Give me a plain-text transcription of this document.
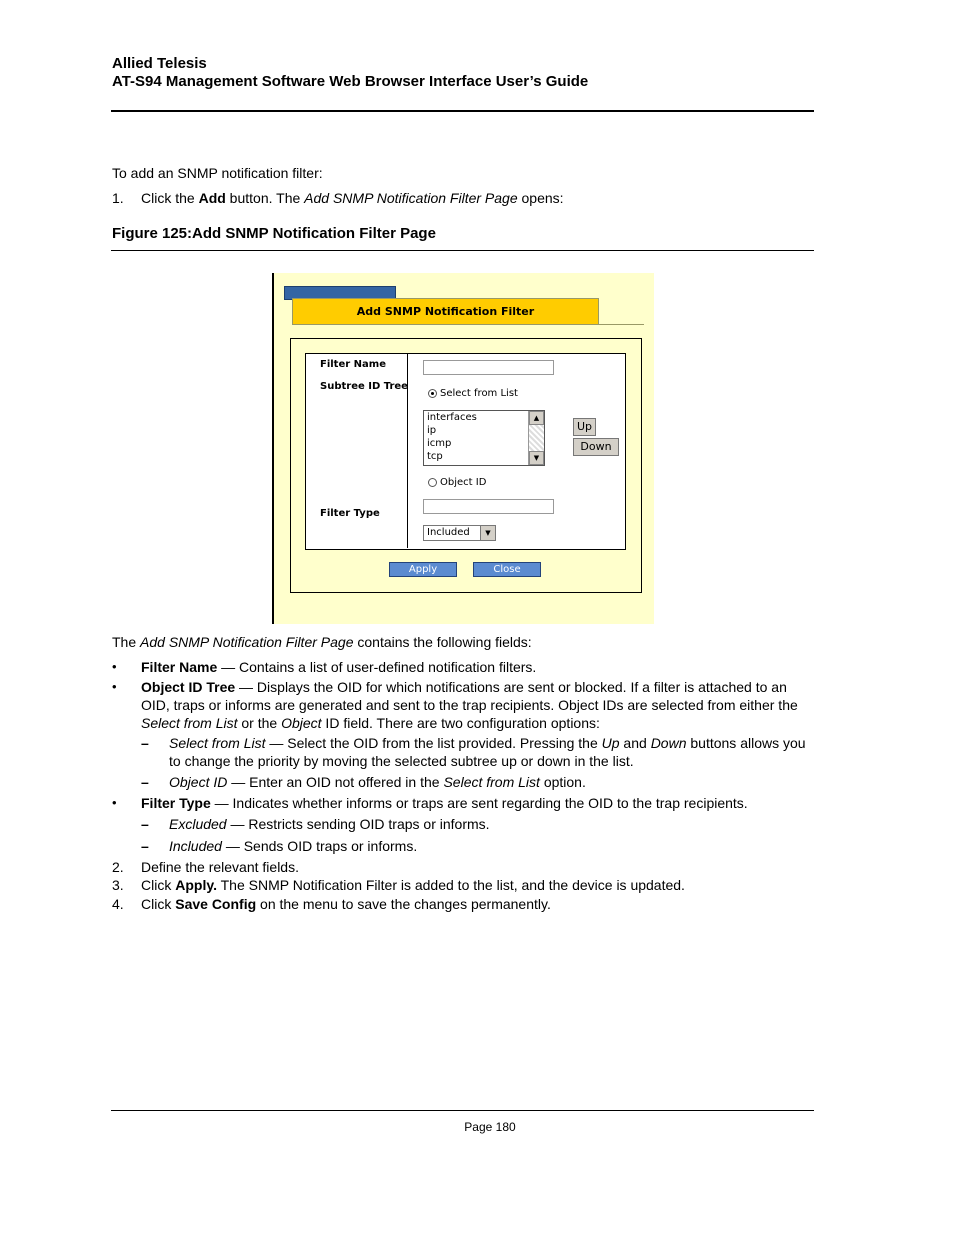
Allied Telesis
AT-S94 Management Software Web Browser Interface User’s Guide
To add an SNMP notification filter:
1. Click the Add button. The Add SNMP Notification Filter Page opens:
Figure 125:Add SNMP Notification Filter Page
Add SNMP Notification Filter
Filter Name
Subtree ID Tree
Filter Type
Select from List
interfaces
ip
icmp
tcp
▲
▼
Up
Down
Object ID
Included	▼
Apply	Close
The Add SNMP Notification Filter Page contains the following fields:
• Filter Name — Contains a list of user-defined notification filters.
• Object ID Tree — Displays the OID for which notifications are sent or blocked. If a filter is attached to an OID, traps or informs are generated and sent to the trap recipients. Object IDs are selected from either the Select from List or the Object ID field. There are two configuration options:
– Select from List — Select the OID from the list provided. Pressing the Up and Down buttons allows you to change the priority by moving the selected subtree up or down in the list.
– Object ID — Enter an OID not offered in the Select from List option.
• Filter Type — Indicates whether informs or traps are sent regarding the OID to the trap recipients.
– Excluded — Restricts sending OID traps or informs.
– Included — Sends OID traps or informs.
2. Define the relevant fields.
3. Click Apply. The SNMP Notification Filter is added to the list, and the device is updated.
4. Click Save Config on the menu to save the changes permanently.
Page 180
